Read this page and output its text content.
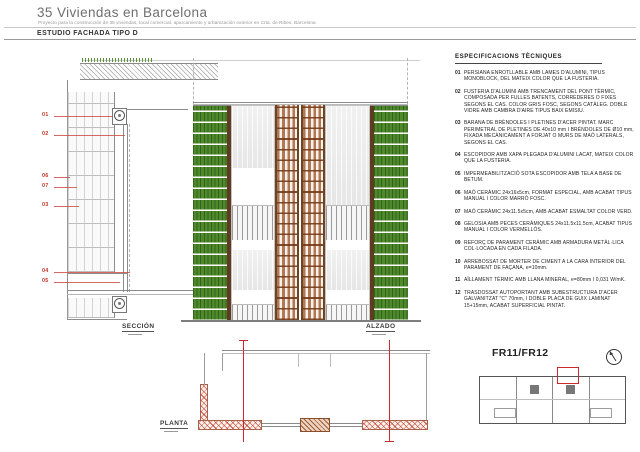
35 Viviendas en Barcelona
Proyecto para la construcción de 35 viviendas, local comercial, aparcamiento y urbanización exterior en Crta. de Ribes, Barcelona
ESTUDIO FACHADA TIPO D
01
02
06
07
03
04
05
SECCIÓN	ALZADO
PLANTA
ESPECIFICACIONS TÈCNIQUES
01 PERSIANA ENROTLLABLE AMB LAMES D'ALUMINI, TIPUS MONOBLOCK, DEL MATEIX COLOR QUE LA FUSTERIA.
02 FUSTERIA D'ALUMINI AMB TRENCAMENT DEL PONT TÈRMIC, COMPOSADA PER FULLES BATENTS, CORREDERES O FIXES SEGONS EL CAS. COLOR GRIS FOSC, SEGONS CATÀLEG. DOBLE VIDRE AMB CAMBRA D'AIRE TIPUS BAIX EMISIU.
03 BARANA DE BRÈNDOLES I PLETINES D'ACER PINTAT. MARC PERIMETRAL DE PLETINES DE 40x10 mm I BRÈNDOLES DE Ø10 mm, FIXADA MECÀNICAMENT A FORJAT O MURS DE MAÓ LATERALS, SEGONS EL CAS.
04 ESCOPIDOR AMB XAPA PLEGADA D'ALUMINI LACAT, MATEIX COLOR QUE LA FUSTERIA.
05 IMPERMEABILITZACIÓ SOTA ESCOPIDOR AMB TELA A BASE DE BETUM.
06 MAÓ CERÀMIC 24x16x5cm, FORMAT ESPECIAL, AMB ACABAT TIPUS MANUAL I COLOR MARRÓ FOSC.
07 MAÓ CERÀMIC 24x11.5x5cm, AMB ACABAT ESMALTAT COLOR VERD.
08 GELOSIA AMB PECES CERÀMIQUES 24x11.5x11.5cm, ACABAT TIPUS MANUAL I COLOR VERMELLÓS.
09 REFORÇ DE PARAMENT CERÀMIC AMB ARMADURA METÀL·LICA COL·LOCADA EN CADA FILADA.
10 ARREBOSSAT DE MORTER DE CIMENT A LA CARA INTERIOR DEL PARAMENT DE FAÇANA, e=10mm.
11 AÏLLAMENT TÈRMIC AMB LLANA MINERAL, e=80mm I 0,031 W/mK.
12 TRASDOSSAT AUTOPORTANT AMB SUBESTRUCTURA D'ACER GALVANITZAT "C" 70mm, I DOBLE PLACA DE GUIX LAMINAT 15+15mm, ACABAT SUPERFICIAL PINTAT.
FR11/FR12
